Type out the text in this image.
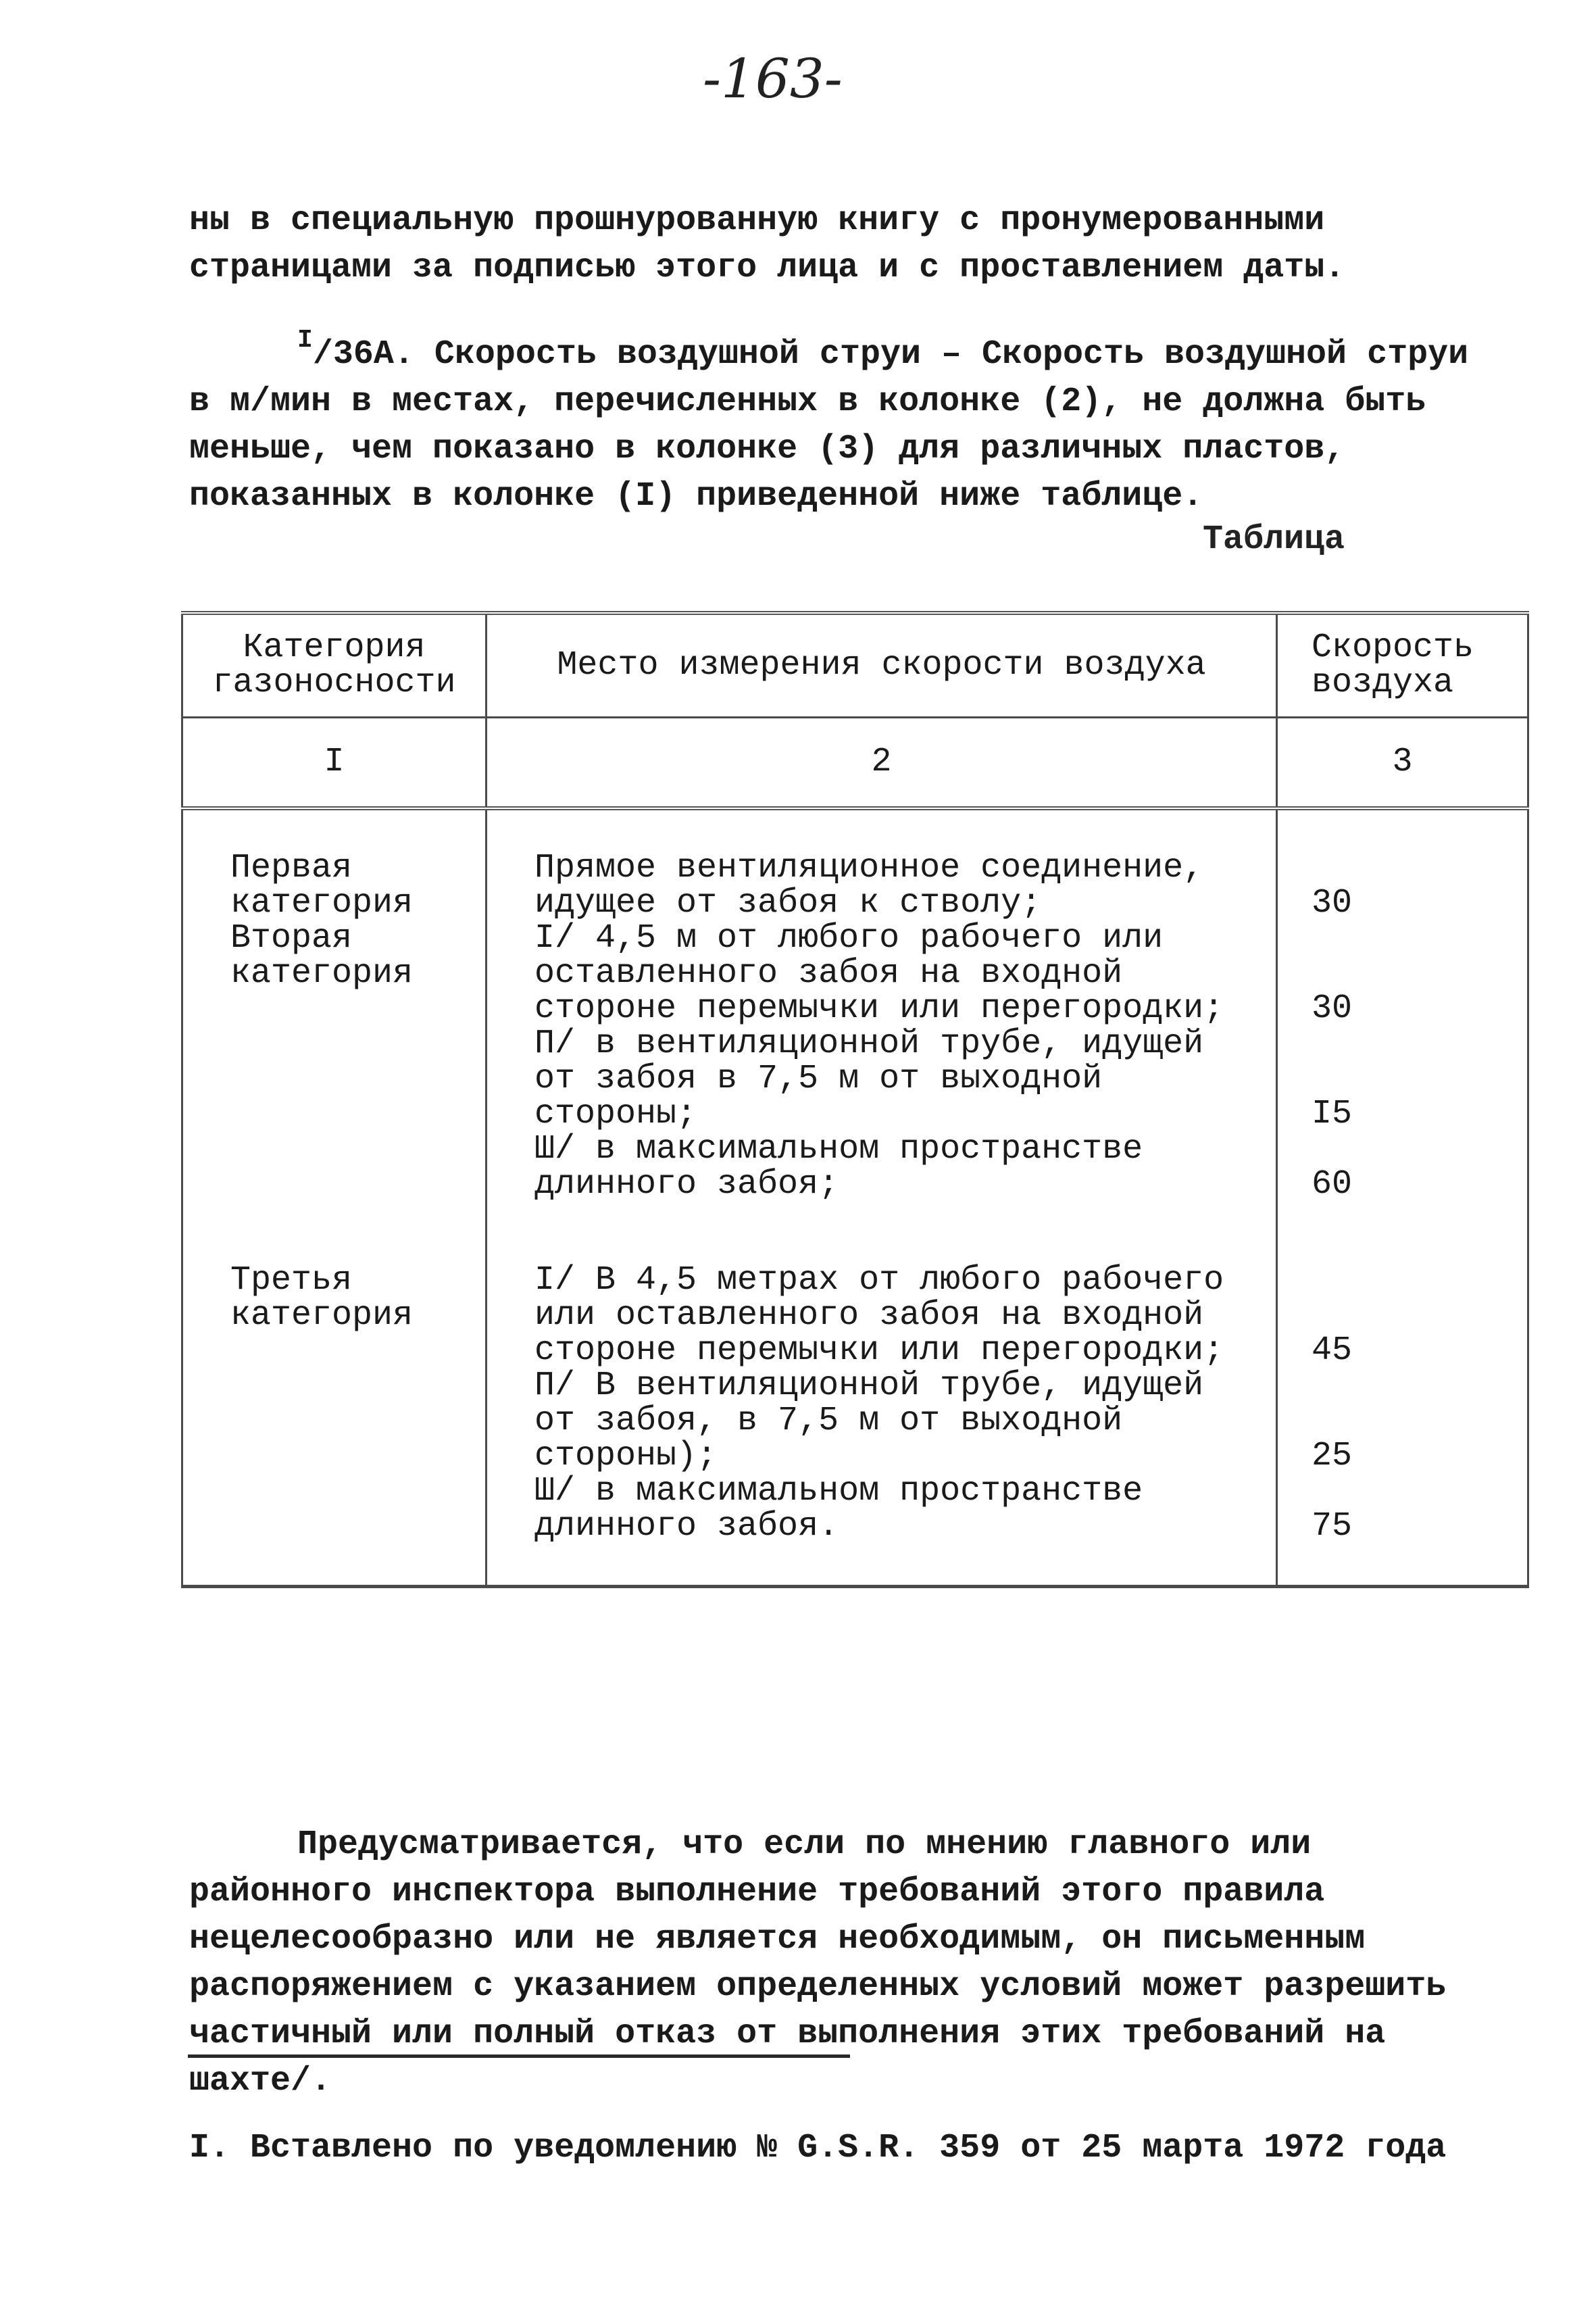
-163-

ны в специальную прошнурованную книгу с пронумерованными страницами за подписью этого лица и с проставлением даты.

$^I$/36А. Скорость воздушной струи – Скорость воздушной струи в м/мин в местах, перечисленных в колонке (2), не должна быть меньше, чем показано в колонке (3) для различных пластов, показанных в колонке (I) приведенной ниже таблице.

Таблица
Категория газоносности	Место измерения скорости воздуха	Скорость воздуха
I	2	3
Первая категория	Прямое вентиляционное соединение, идущее от забоя к стволу;	30
Вторая категория	I/ 4,5 м от любого рабочего или оставленного забоя на входной стороне перемычки или перегородки;	30
	П/ в вентиляционной трубе, идущей от забоя в 7,5 м от выходной стороны;	I5
	Ш/ в максимальном пространстве длинного забоя;	60
Третья категория	I/ В 4,5 метрах от любого рабочего или оставленного забоя на входной стороне перемычки или перегородки;	45
	П/ В вентиляционной трубе, идущей от забоя, в 7,5 м от выходной стороны);	25
	Ш/ в максимальном пространстве длинного забоя.	75

Предусматривается, что если по мнению главного или районного инспектора выполнение требований этого правила нецелесообразно или не является необходимым, он письменным распоряжением с указанием определенных условий может разрешить частичный или полный отказ от выполнения этих требований на шахте/.

I. Вставлено по уведомлению № G.S.R. 359 от 25 марта 1972 года
